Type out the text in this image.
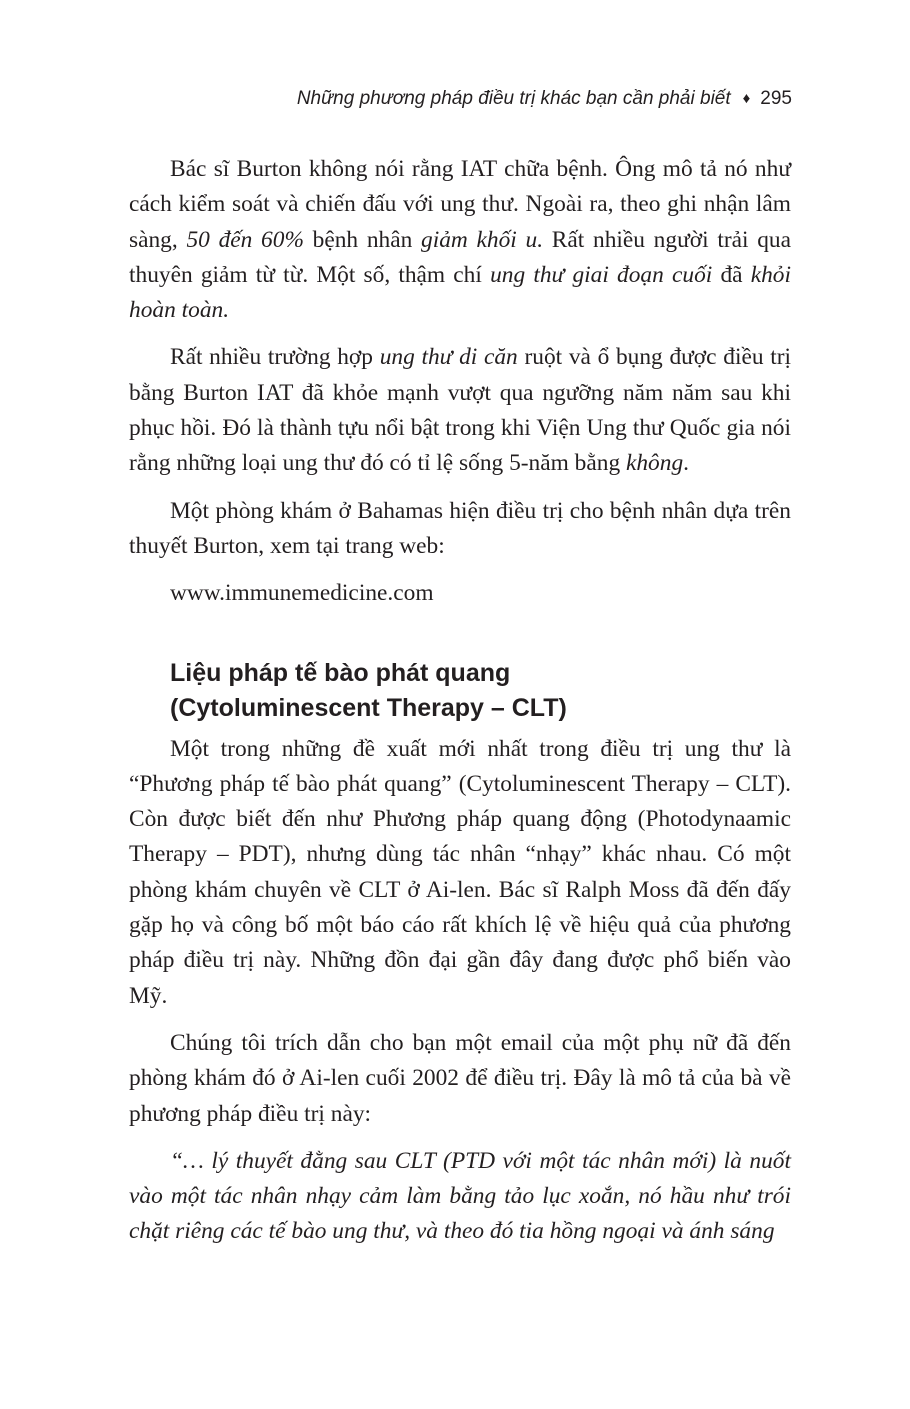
Những phương pháp điều trị khác bạn cần phải biết ♦ 295

Bác sĩ Burton không nói rằng IAT chữa bệnh. Ông mô tả nó như cách kiểm soát và chiến đấu với ung thư. Ngoài ra, theo ghi nhận lâm sàng, 50 đến 60% bệnh nhân giảm khối u. Rất nhiều người trải qua thuyên giảm từ từ. Một số, thậm chí ung thư giai đoạn cuối đã khỏi hoàn toàn.

Rất nhiều trường hợp ung thư di căn ruột và ổ bụng được điều trị bằng Burton IAT đã khỏe mạnh vượt qua ngưỡng năm năm sau khi phục hồi. Đó là thành tựu nổi bật trong khi Viện Ung thư Quốc gia nói rằng những loại ung thư đó có tỉ lệ sống 5-năm bằng không.

Một phòng khám ở Bahamas hiện điều trị cho bệnh nhân dựa trên thuyết Burton, xem tại trang web:

www.immunemedicine.com

Liệu pháp tế bào phát quang
(Cytoluminescent Therapy – CLT)

Một trong những đề xuất mới nhất trong điều trị ung thư là “Phương pháp tế bào phát quang” (Cytoluminescent Therapy – CLT). Còn được biết đến như Phương pháp quang động (Photodynaamic Therapy – PDT), nhưng dùng tác nhân “nhạy” khác nhau. Có một phòng khám chuyên về CLT ở Ai-len. Bác sĩ Ralph Moss đã đến đấy gặp họ và công bố một báo cáo rất khích lệ về hiệu quả của phương pháp điều trị này. Những đồn đại gần đây đang được phổ biến vào Mỹ.

Chúng tôi trích dẫn cho bạn một email của một phụ nữ đã đến phòng khám đó ở Ai-len cuối 2002 để điều trị. Đây là mô tả của bà về phương pháp điều trị này:

“… lý thuyết đằng sau CLT (PTD với một tác nhân mới) là nuốt vào một tác nhân nhạy cảm làm bằng tảo lục xoắn, nó hầu như trói chặt riêng các tế bào ung thư, và theo đó tia hồng ngoại và ánh sáng
